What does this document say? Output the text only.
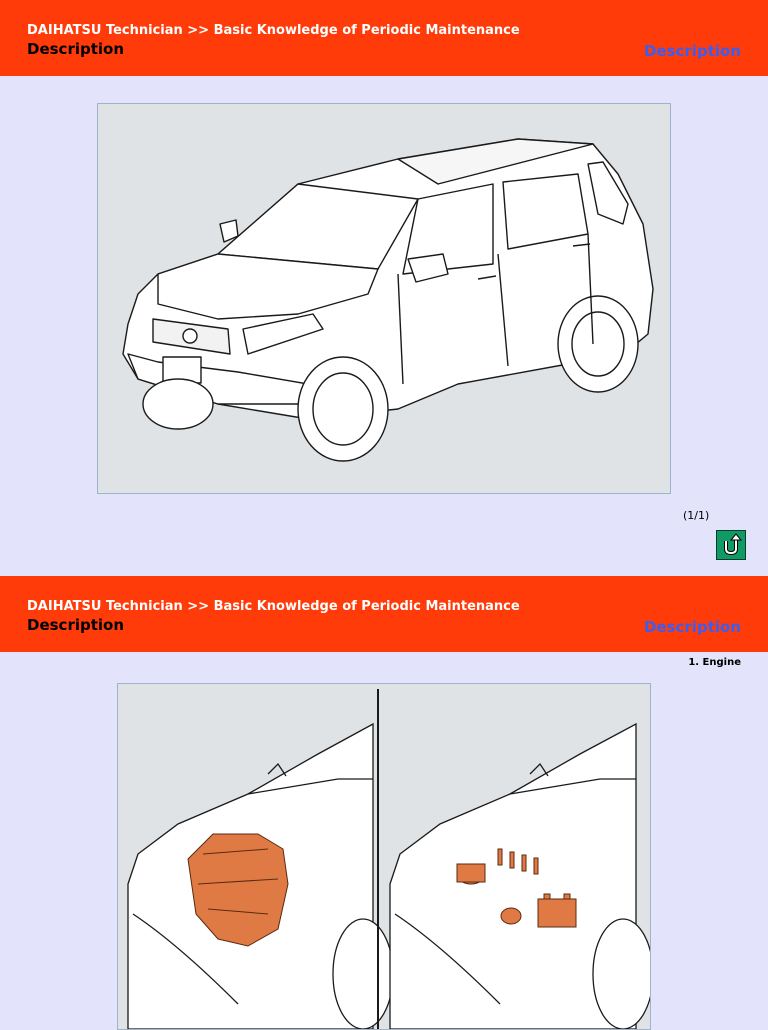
DAIHATSU Technician >> Basic Knowledge of Periodic Maintenance
Description	Description
(1/1)
DAIHATSU Technician >> Basic Knowledge of Periodic Maintenance
Description	Description
1. Engine
